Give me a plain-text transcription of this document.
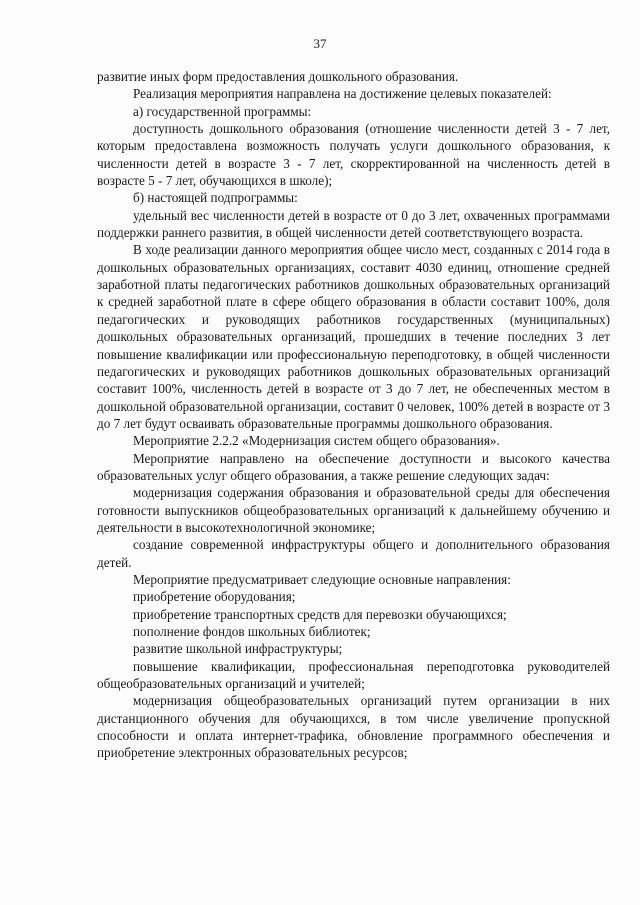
37

развитие иных форм предоставления дошкольного образования.

Реализация мероприятия направлена на достижение целевых показателей:

а) государственной программы:

доступность дошкольного образования (отношение численности детей 3 - 7 лет, которым предоставлена возможность получать услуги дошкольного образования, к численности детей в возрасте 3 - 7 лет, скорректированной на численность детей в возрасте 5 - 7 лет, обучающихся в школе);

б) настоящей подпрограммы:

удельный вес численности детей в возрасте от 0 до 3 лет, охваченных программами поддержки раннего развития, в общей численности детей соответствующего возраста.

В ходе реализации данного мероприятия общее число мест, созданных с 2014 года в дошкольных образовательных организациях, составит 4030 единиц, отношение средней заработной платы педагогических работников дошкольных образовательных организаций к средней заработной плате в сфере общего образования в области составит 100%, доля педагогических и руководящих работников государственных (муниципальных) дошкольных образовательных организаций, прошедших в течение последних 3 лет повышение квалификации или профессиональную переподготовку, в общей численности педагогических и руководящих работников дошкольных образовательных организаций составит 100%, численность детей в возрасте от 3 до 7 лет, не обеспеченных местом в дошкольной образовательной организации, составит 0 человек, 100% детей в возрасте от 3 до 7 лет будут осваивать образовательные программы дошкольного образования.

Мероприятие 2.2.2 «Модернизация систем общего образования».

Мероприятие направлено на обеспечение доступности и высокого качества образовательных услуг общего образования, а также решение следующих задач:

модернизация содержания образования и образовательной среды для обеспечения готовности выпускников общеобразовательных организаций к дальнейшему обучению и деятельности в высокотехнологичной экономике;

создание современной инфраструктуры общего и дополнительного образования детей.

Мероприятие предусматривает следующие основные направления:

приобретение оборудования;

приобретение транспортных средств для перевозки обучающихся;

пополнение фондов школьных библиотек;

развитие школьной инфраструктуры;

повышение квалификации, профессиональная переподготовка руководителей общеобразовательных организаций и учителей;

модернизация общеобразовательных организаций путем организации в них дистанционного обучения для обучающихся, в том числе увеличение пропускной способности и оплата интернет-трафика, обновление программного обеспечения и приобретение электронных образовательных ресурсов;
